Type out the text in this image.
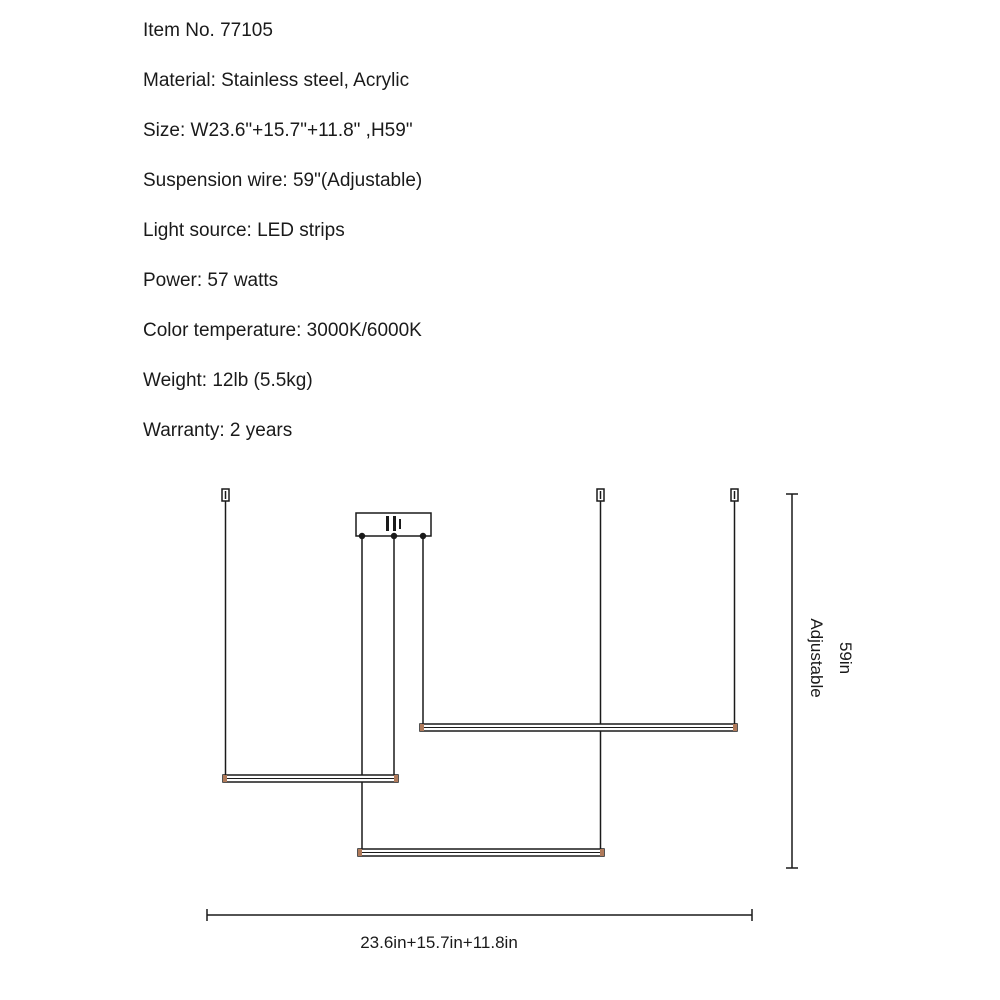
Item No. 77105
Material: Stainless steel, Acrylic
Size: W23.6"+15.7"+11.8" ,H59"
Suspension wire: 59"(Adjustable)
Light source: LED strips
Power: 57 watts
Color temperature: 3000K/6000K
Weight: 12lb (5.5kg)
Warranty: 2 years
23.6in+15.7in+11.8in
59in
Adjustable
